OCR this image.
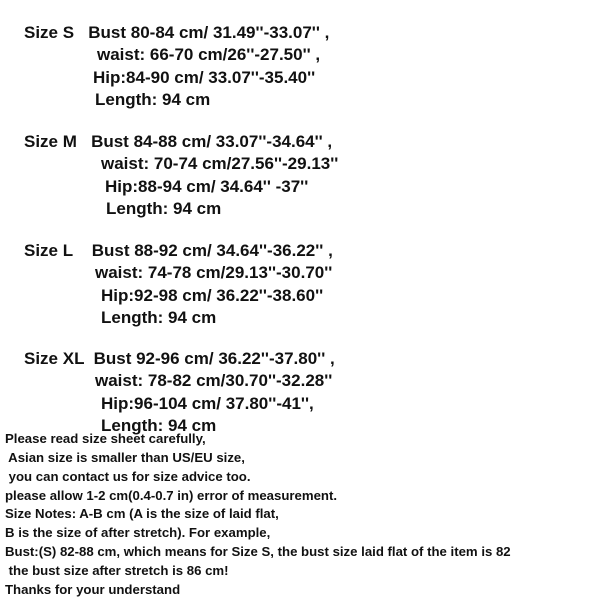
Size S   Bust 80-84 cm/ 31.49''-33.07'' ,
waist: 66-70 cm/26''-27.50'' ,
Hip:84-90 cm/ 33.07''-35.40''
Length: 94 cm
Size M   Bust 84-88 cm/ 33.07''-34.64'' ,
waist: 70-74 cm/27.56''-29.13''
Hip:88-94 cm/ 34.64'' -37''
Length: 94 cm
Size L    Bust 88-92 cm/ 34.64''-36.22'' ,
waist: 74-78 cm/29.13''-30.70''
Hip:92-98 cm/ 36.22''-38.60''
Length: 94 cm
Size XL  Bust 92-96 cm/ 36.22''-37.80'' ,
waist: 78-82 cm/30.70''-32.28''
Hip:96-104 cm/ 37.80''-41'',
Length: 94 cm
Please read size sheet carefully,
Asian size is smaller than US/EU size,
you can contact us for size advice too.
please allow 1-2 cm(0.4-0.7 in) error of measurement.
Size Notes: A-B cm (A is the size of laid flat,
B is the size of after stretch). For example,
Bust:(S) 82-88 cm, which means for Size S, the bust size laid flat of the item is 82
the bust size after stretch is 86 cm!
Thanks for your understand
